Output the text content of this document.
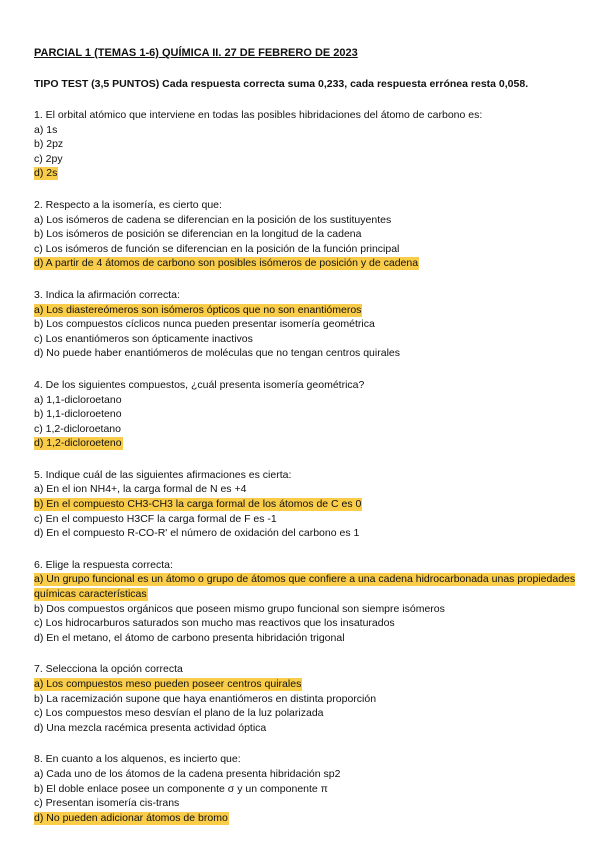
PARCIAL 1 (TEMAS 1-6) QUÍMICA II. 27 DE FEBRERO DE 2023

TIPO TEST (3,5 PUNTOS) Cada respuesta correcta suma 0,233, cada respuesta errónea resta 0,058.

1. El orbital atómico que interviene en todas las posibles hibridaciones del átomo de carbono es:
a) 1s
b) 2pz
c) 2py
d) 2s
2. Respecto a la isomería, es cierto que:
a) Los isómeros de cadena se diferencian en la posición de los sustituyentes
b) Los isómeros de posición se diferencian en la longitud de la cadena
c) Los isómeros de función se diferencian en la posición de la función principal
d) A partir de 4 átomos de carbono son posibles isómeros de posición y de cadena
3. Indica la afirmación correcta:
a) Los diastereómeros son isómeros ópticos que no son enantiómeros
b) Los compuestos cíclicos nunca pueden presentar isomería geométrica
c) Los enantiómeros son ópticamente inactivos
d) No puede haber enantiómeros de moléculas que no tengan centros quirales
4. De los siguientes compuestos, ¿cuál presenta isomería geométrica?
a) 1,1-dicloroetano
b) 1,1-dicloroeteno
c) 1,2-dicloroetano
d) 1,2-dicloroeteno
5. Indique cuál de las siguientes afirmaciones es cierta:
a) En el ion NH4+, la carga formal de N es +4
b) En el compuesto CH3-CH3 la carga formal de los átomos de C es 0
c) En el compuesto H3CF la carga formal de F es -1
d) En el compuesto R-CO-R' el número de oxidación del carbono es 1
6. Elige la respuesta correcta:
a) Un grupo funcional es un átomo o grupo de átomos que confiere a una cadena hidrocarbonada unas propiedades químicas características
b) Dos compuestos orgánicos que poseen mismo grupo funcional son siempre isómeros
c) Los hidrocarburos saturados son mucho mas reactivos que los insaturados
d) En el metano, el átomo de carbono presenta hibridación trigonal
7. Selecciona la opción correcta
a) Los compuestos meso pueden poseer centros quirales
b) La racemización supone que haya enantiómeros en distinta proporción
c) Los compuestos meso desvían el plano de la luz polarizada
d) Una mezcla racémica presenta actividad óptica
8. En cuanto a los alquenos, es incierto que:
a) Cada uno de los átomos de la cadena presenta hibridación sp2
b) El doble enlace posee un componente σ y un componente π
c) Presentan isomería cis-trans
d) No pueden adicionar átomos de bromo
